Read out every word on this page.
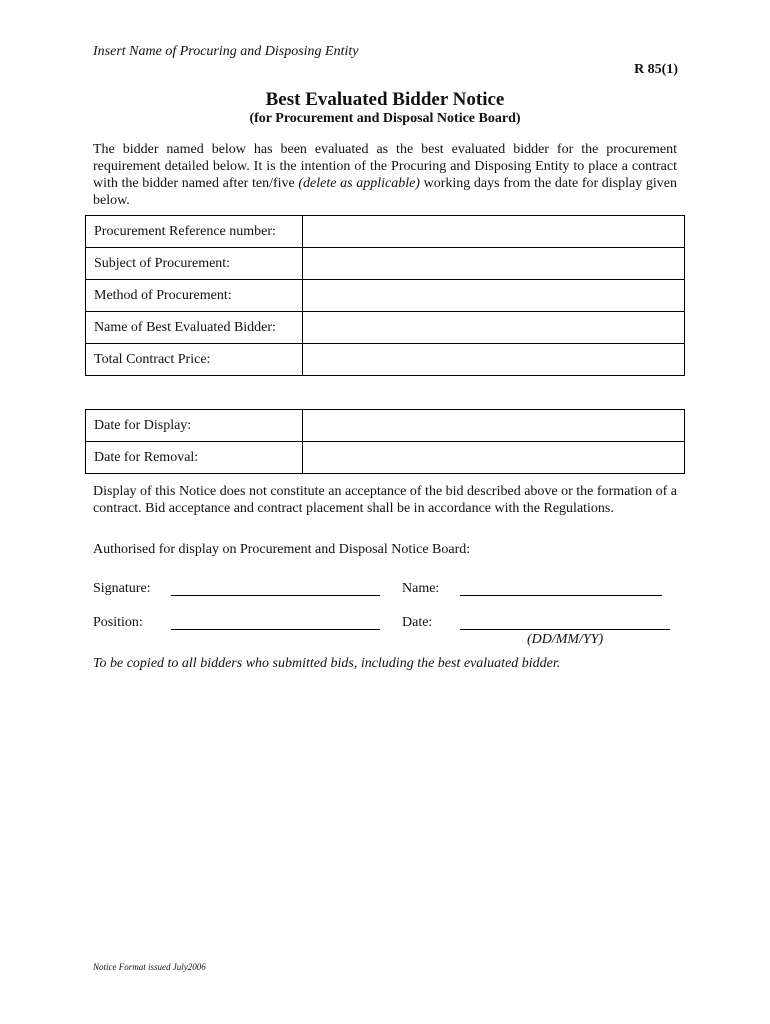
Insert Name of Procuring and Disposing Entity
R 85(1)
Best Evaluated Bidder Notice
(for Procurement and Disposal Notice Board)
The bidder named below has been evaluated as the best evaluated bidder for the procurement requirement detailed below. It is the intention of the Procuring and Disposing Entity to place a contract with the bidder named after ten/five (delete as applicable) working days from the date for display given below.
Procurement Reference number:	
Subject of Procurement:	
Method of Procurement:	
Name of Best Evaluated Bidder:	
Total Contract Price:	
Date for Display:	
Date for Removal:	
Display of this Notice does not constitute an acceptance of the bid described above or the formation of a contract. Bid acceptance and contract placement shall be in accordance with the Regulations.
Authorised for display on Procurement and Disposal Notice Board:
Signature:	Name:
Position:	Date:
(DD/MM/YY)
To be copied to all bidders who submitted bids, including the best evaluated bidder.
Notice Format issued July2006
